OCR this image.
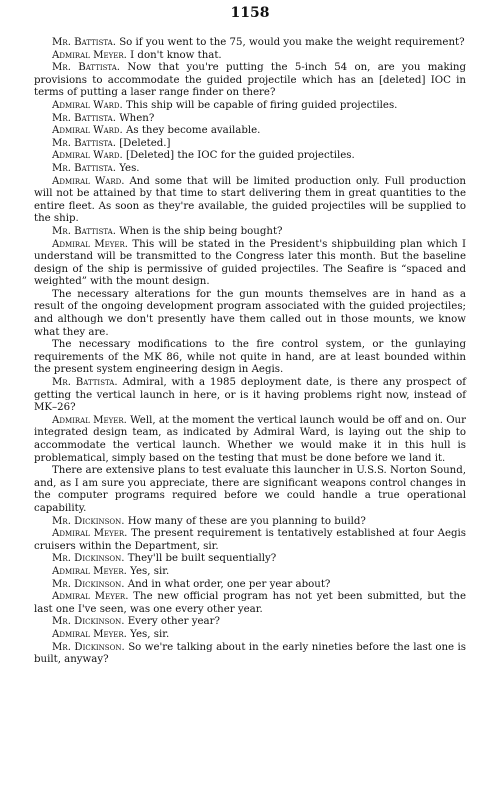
1158

Mr. Battista. So if you went to the 75, would you make the weight requirement?

Admiral Meyer. I don't know that.

Mr. Battista. Now that you're putting the 5-inch 54 on, are you making provisions to accommodate the guided projectile which has an [deleted] IOC in terms of putting a laser range finder on there?

Admiral Ward. This ship will be capable of firing guided projectiles.

Mr. Battista. When?

Admiral Ward. As they become available.

Mr. Battista. [Deleted.]

Admiral Ward. [Deleted] the IOC for the guided projectiles.

Mr. Battista. Yes.

Admiral Ward. And some that will be limited production only. Full production will not be attained by that time to start delivering them in great quantities to the entire fleet. As soon as they're available, the guided projectiles will be supplied to the ship.

Mr. Battista. When is the ship being bought?

Admiral Meyer. This will be stated in the President's shipbuilding plan which I understand will be transmitted to the Congress later this month. But the baseline design of the ship is permissive of guided projectiles. The Seafire is “spaced and weighted” with the mount design.

The necessary alterations for the gun mounts themselves are in hand as a result of the ongoing development program associated with the guided projectiles; and although we don't presently have them called out in those mounts, we know what they are.

The necessary modifications to the fire control system, or the gunlaying requirements of the MK 86, while not quite in hand, are at least bounded within the present system engineering design in Aegis.

Mr. Battista. Admiral, with a 1985 deployment date, is there any prospect of getting the vertical launch in here, or is it having problems right now, instead of MK–26?

Admiral Meyer. Well, at the moment the vertical launch would be off and on. Our integrated design team, as indicated by Admiral Ward, is laying out the ship to accommodate the vertical launch. Whether we would make it in this hull is problematical, simply based on the testing that must be done before we land it.

There are extensive plans to test evaluate this launcher in U.S.S. Norton Sound, and, as I am sure you appreciate, there are significant weapons control changes in the computer programs required before we could handle a true operational capability.

Mr. Dickinson. How many of these are you planning to build?

Admiral Meyer. The present requirement is tentatively established at four Aegis cruisers within the Department, sir.

Mr. Dickinson. They'll be built sequentially?

Admiral Meyer. Yes, sir.

Mr. Dickinson. And in what order, one per year about?

Admiral Meyer. The new official program has not yet been submitted, but the last one I've seen, was one every other year.

Mr. Dickinson. Every other year?

Admiral Meyer. Yes, sir.

Mr. Dickinson. So we're talking about in the early nineties before the last one is built, anyway?
